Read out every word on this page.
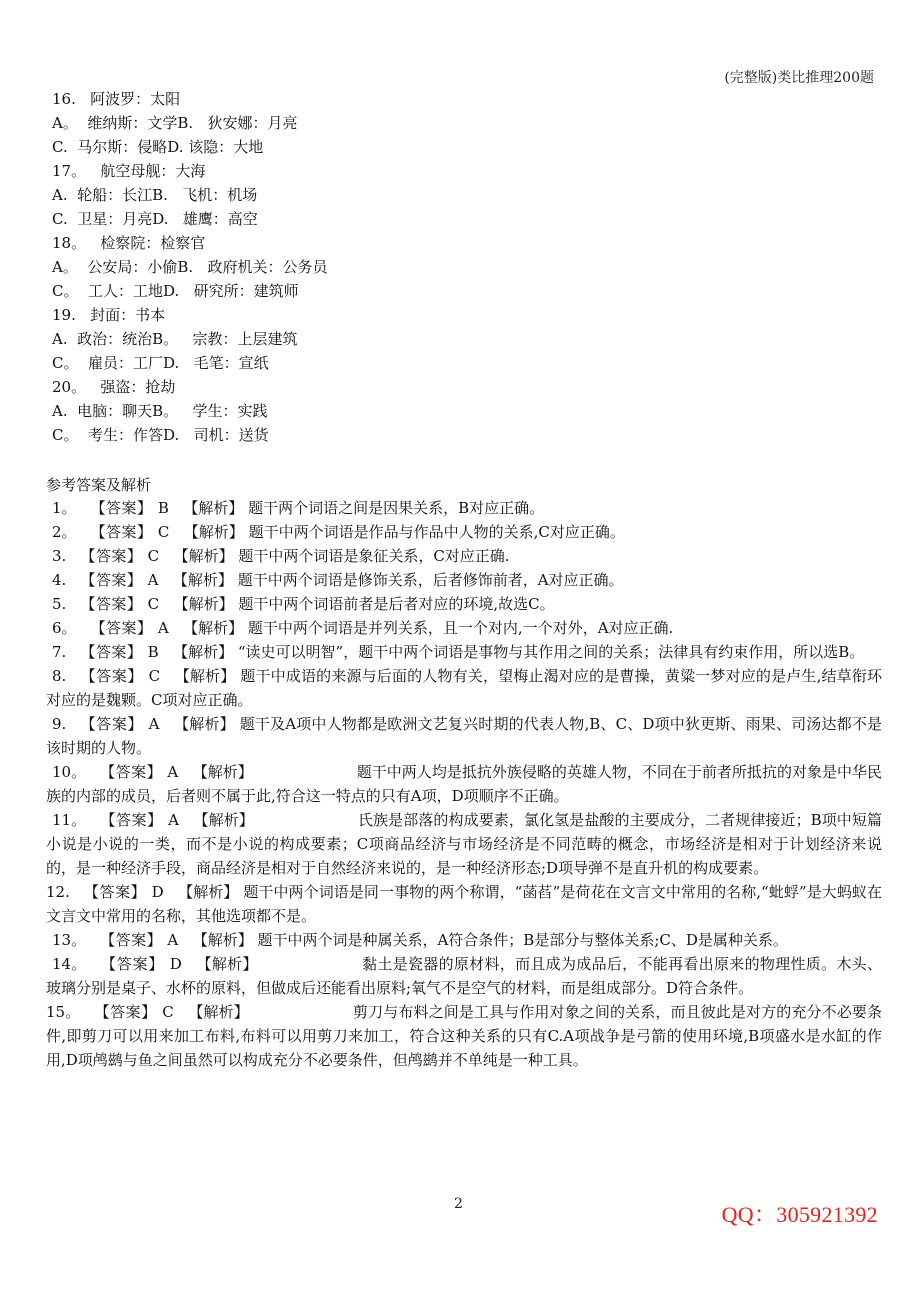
(完整版)类比推理200题
16.   阿波罗：太阳
A。  维纳斯：文学B.   狄安娜：月亮
C.  马尔斯：侵略D. 该隐：大地
17。   航空母舰：大海
A.  轮船：长江B.   飞机：机场
C.  卫星：月亮D.   雄鹰：高空
18。   检察院：检察官
A。  公安局：小偷B.   政府机关：公务员
C。  工人：工地D.   研究所：建筑师
19.   封面：书本
A.  政治：统治B。   宗教：上层建筑
C。  雇员：工厂D.   毛笔：宣纸
20。   强盗：抢劫
A.  电脑：聊天B。   学生：实践
C。  考生：作答D.   司机：送货
参考答案及解析

1。 【答案】 B 【解析】 题干两个词语之间是因果关系，B对应正确。

2。 【答案】 C 【解析】 题干中两个词语是作品与作品中人物的关系,C对应正确。

3. 【答案】 C 【解析】 题干中两个词语是象征关系，C对应正确.

4. 【答案】 A 【解析】 题干中两个词语是修饰关系，后者修饰前者，A对应正确。

5. 【答案】 C 【解析】 题干中两个词语前者是后者对应的环境,故选C。

6。 【答案】 A 【解析】 题干中两个词语是并列关系，且一个对内,一个对外，A对应正确.

7. 【答案】 B 【解析】 “读史可以明智”，题干中两个词语是事物与其作用之间的关系；法律具有约束作用，所以选B。

8. 【答案】 C 【解析】 题干中成语的来源与后面的人物有关，望梅止渴对应的是曹操，黄粱一梦对应的是卢生,结草衔环对应的是魏颗。C项对应正确。

9. 【答案】 A 【解析】 题干及A项中人物都是欧洲文艺复兴时期的代表人物,B、C、D项中狄更斯、雨果、司汤达都不是该时期的人物。

10。 【答案】 A 【解析】	题干中两人均是抵抗外族侵略的英雄人物，不同在于前者所抵抗的对象是中华民族的内部的成员，后者则不属于此,符合这一特点的只有A项，D项顺序不正确。

11。 【答案】 A 【解析】	氏族是部落的构成要素，氯化氢是盐酸的主要成分，二者规律接近；B项中短篇小说是小说的一类，而不是小说的构成要素；C项商品经济与市场经济是不同范畴的概念，市场经济是相对于计划经济来说的，是一种经济手段，商品经济是相对于自然经济来说的，是一种经济形态;D项导弹不是直升机的构成要素。

12. 【答案】 D 【解析】 题干中两个词语是同一事物的两个称谓，“菡萏”是荷花在文言文中常用的名称,“蚍蜉”是大蚂蚁在文言文中常用的名称，其他选项都不是。

13。 【答案】 A 【解析】 题干中两个词是种属关系，A符合条件；B是部分与整体关系;C、D是属种关系。

14。 【答案】 D 【解析】	黏土是瓷器的原材料，而且成为成品后，不能再看出原来的物理性质。木头、玻璃分别是桌子、水杯的原料，但做成后还能看出原料;氧气不是空气的材料，而是组成部分。D符合条件。

15。 【答案】 C 【解析】	剪刀与布料之间是工具与作用对象之间的关系，而且彼此是对方的充分不必要条件,即剪刀可以用来加工布料,布料可以用剪刀来加工，符合这种关系的只有C.A项战争是弓箭的使用环境,B项盛水是水缸的作用,D项鸬鹚与鱼之间虽然可以构成充分不必要条件，但鸬鹚并不单纯是一种工具。

2	QQ：305921392
